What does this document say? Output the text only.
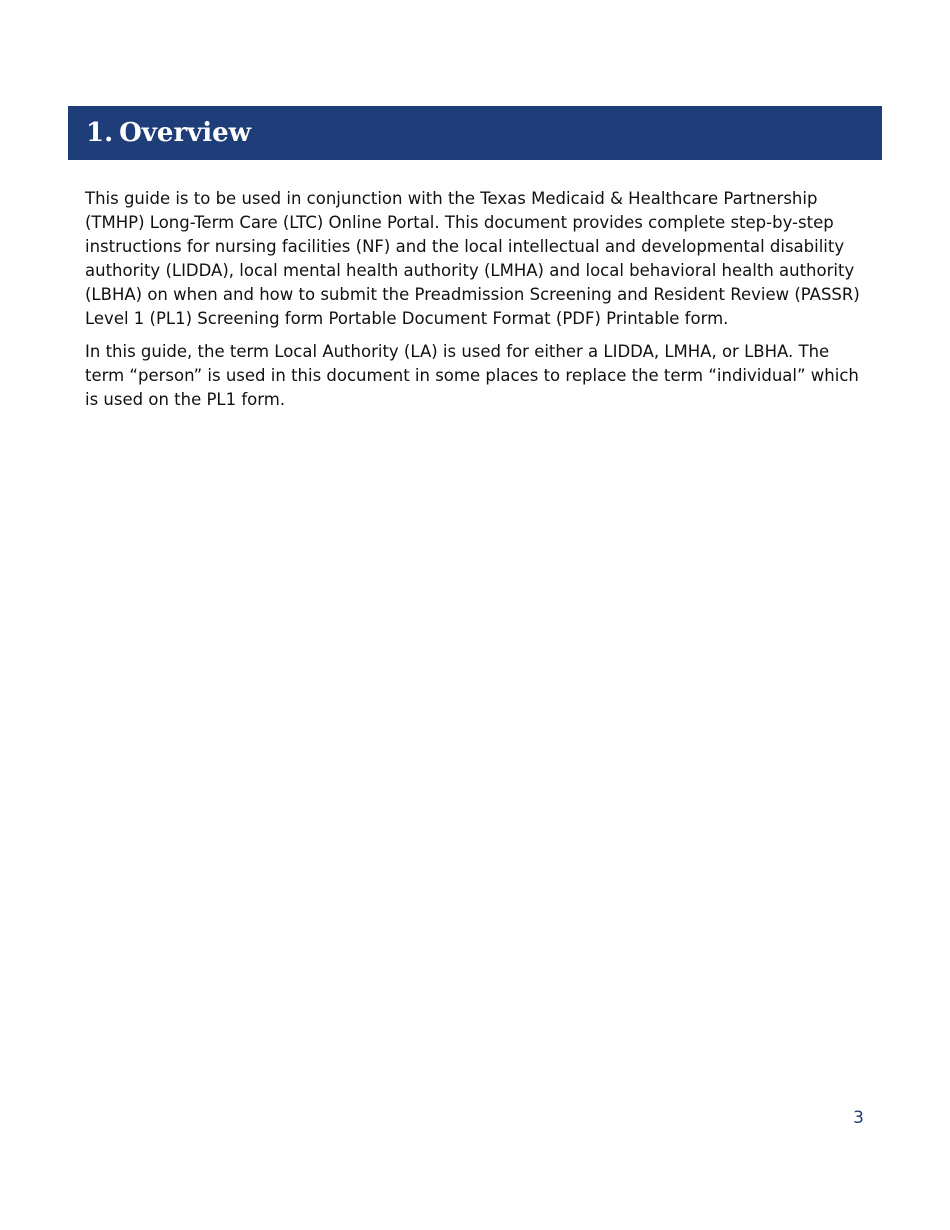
1. Overview

This guide is to be used in conjunction with the Texas Medicaid & Healthcare Partnership (TMHP) Long-Term Care (LTC) Online Portal. This document provides complete step-by-step instructions for nursing facilities (NF) and the local intellectual and developmental disability authority (LIDDA), local mental health authority (LMHA) and local behavioral health authority (LBHA) on when and how to submit the Preadmission Screening and Resident Review (PASSR) Level 1 (PL1) Screening form Portable Document Format (PDF) Printable form.

In this guide, the term Local Authority (LA) is used for either a LIDDA, LMHA, or LBHA. The term “person” is used in this document in some places to replace the term “individual” which is used on the PL1 form.

3
